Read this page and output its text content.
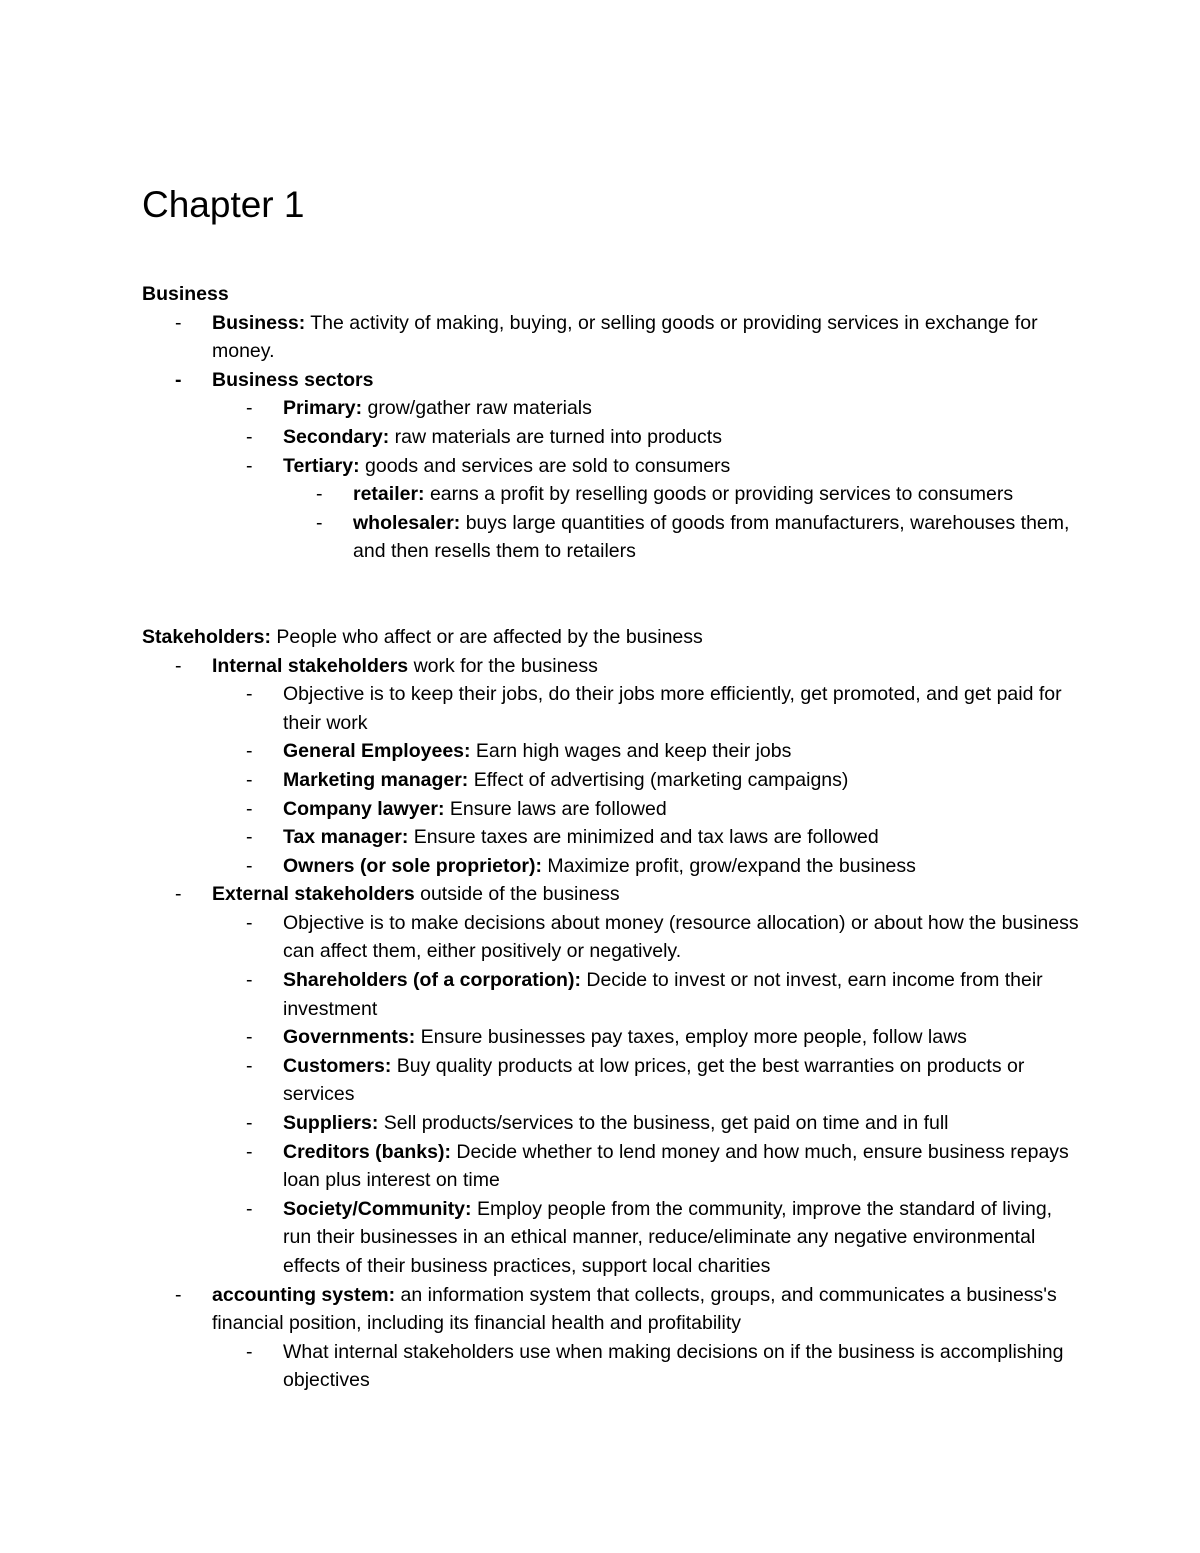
Chapter 1
Business
- Business: The activity of making, buying, or selling goods or providing services in exchange for money.
- Business sectors
- Primary: grow/gather raw materials
- Secondary: raw materials are turned into products
- Tertiary: goods and services are sold to consumers
- retailer: earns a profit by reselling goods or providing services to consumers
- wholesaler: buys large quantities of goods from manufacturers, warehouses them, and then resells them to retailers
Stakeholders: People who affect or are affected by the business
- Internal stakeholders work for the business
- Objective is to keep their jobs, do their jobs more efficiently, get promoted, and get paid for their work
- General Employees: Earn high wages and keep their jobs
- Marketing manager: Effect of advertising (marketing campaigns)
- Company lawyer: Ensure laws are followed
- Tax manager: Ensure taxes are minimized and tax laws are followed
- Owners (or sole proprietor): Maximize profit, grow/expand the business
- External stakeholders outside of the business
- Objective is to make decisions about money (resource allocation) or about how the business can affect them, either positively or negatively.
- Shareholders (of a corporation): Decide to invest or not invest, earn income from their investment
- Governments: Ensure businesses pay taxes, employ more people, follow laws
- Customers: Buy quality products at low prices, get the best warranties on products or services
- Suppliers: Sell products/services to the business, get paid on time and in full
- Creditors (banks): Decide whether to lend money and how much, ensure business repays loan plus interest on time
- Society/Community: Employ people from the community, improve the standard of living, run their businesses in an ethical manner, reduce/eliminate any negative environmental effects of their business practices, support local charities
- accounting system: an information system that collects, groups, and communicates a business's financial position, including its financial health and profitability
- What internal stakeholders use when making decisions on if the business is accomplishing objectives
